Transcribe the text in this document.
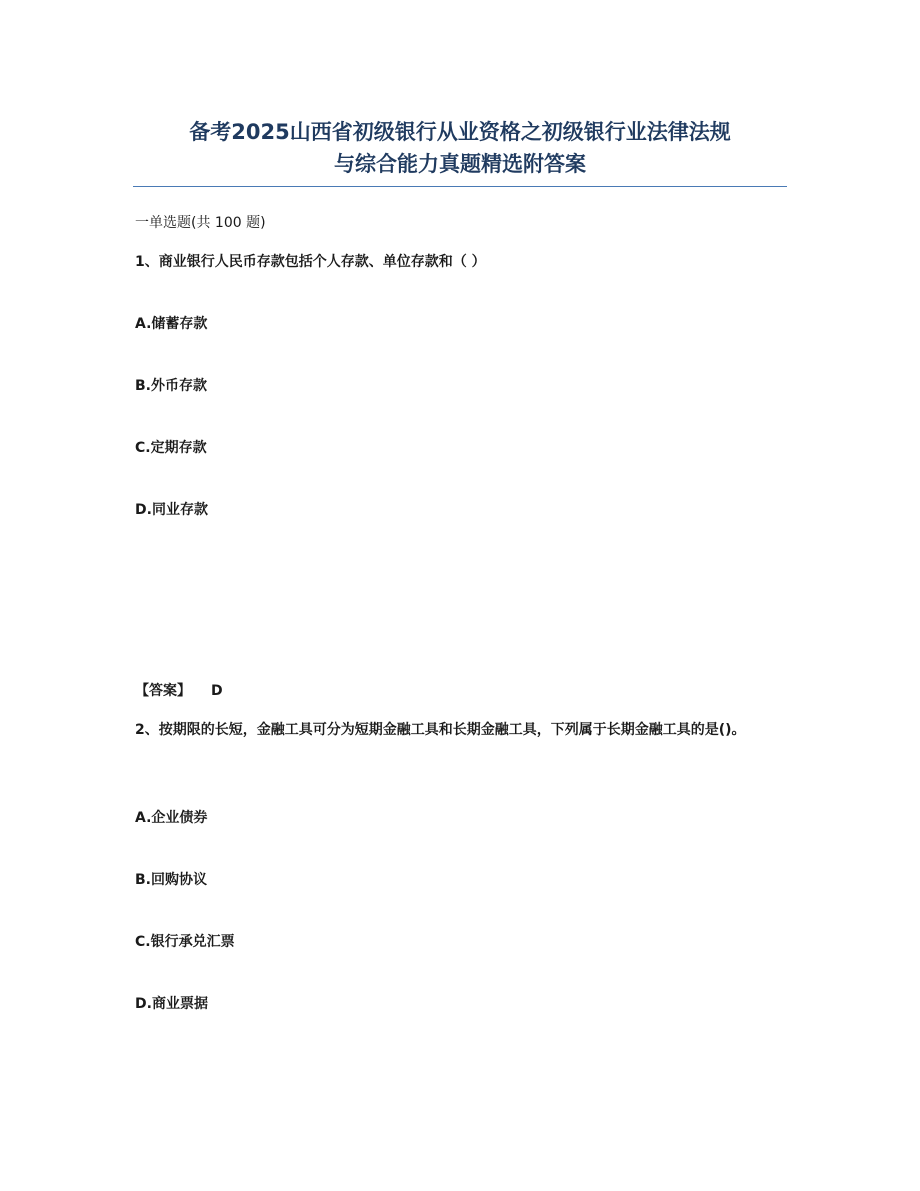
备考2025山西省初级银行从业资格之初级银行业法律法规
与综合能力真题精选附答案
一单选题(共 100 题)
1、商业银行人民币存款包括个人存款、单位存款和（ ）
A.储蓄存款
B.外币存款
C.定期存款
D.同业存款
【答案】 D
2、按期限的长短，金融工具可分为短期金融工具和长期金融工具，下列属于长期金融工具的是()。
A.企业债券
B.回购协议
C.银行承兑汇票
D.商业票据
